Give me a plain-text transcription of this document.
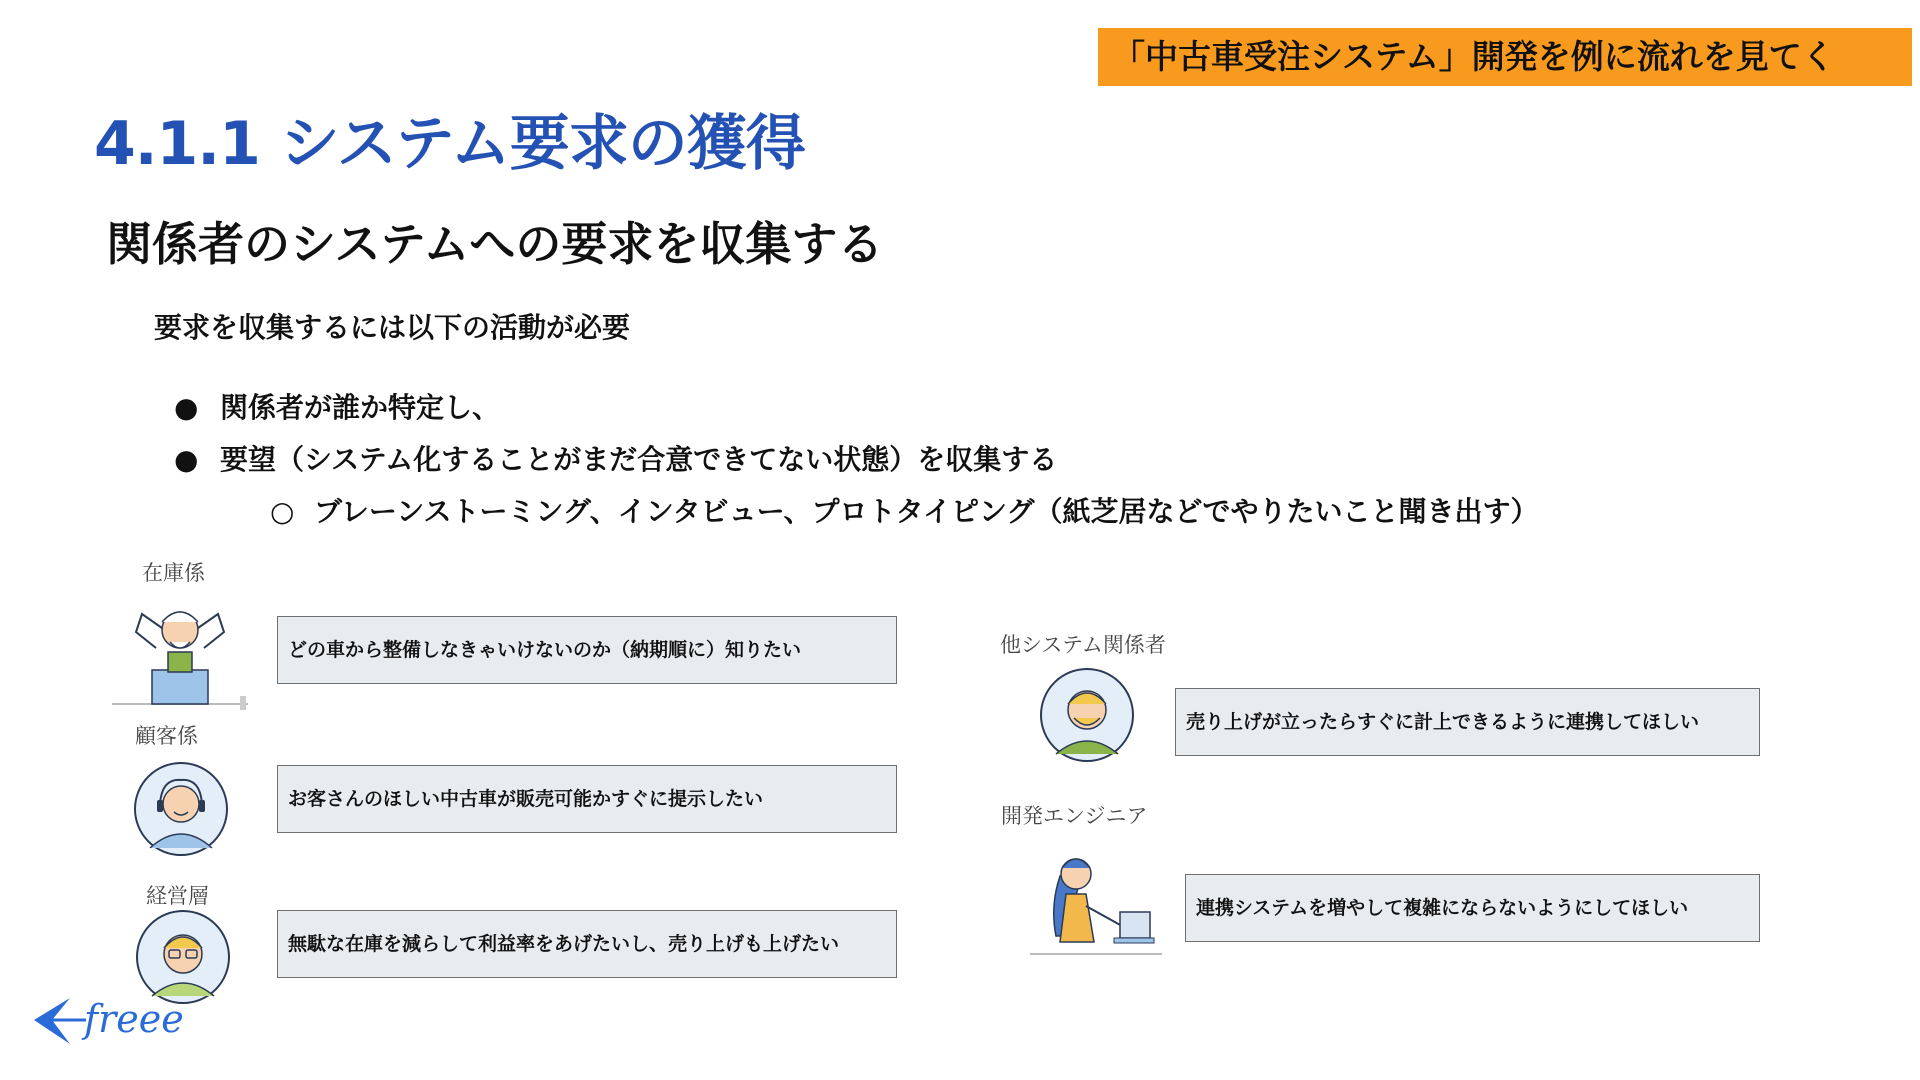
「中古車受注システム」開発を例に流れを見てく
4.1.1 システム要求の獲得
関係者のシステムへの要求を収集する
要求を収集するには以下の活動が必要
● 関係者が誰か特定し、
● 要望（システム化することがまだ合意できてない状態）を収集する
○ ブレーンストーミング、インタビュー、プロトタイピング（紙芝居などでやりたいこと聞き出す）
在庫係
どの車から整備しなきゃいけないのか（納期順に）知りたい
顧客係
お客さんのほしい中古車が販売可能かすぐに提示したい
経営層
無駄な在庫を減らして利益率をあげたいし、売り上げも上げたい
他システム関係者
売り上げが立ったらすぐに計上できるように連携してほしい
開発エンジニア
連携システムを増やして複雑にならないようにしてほしい
freee
